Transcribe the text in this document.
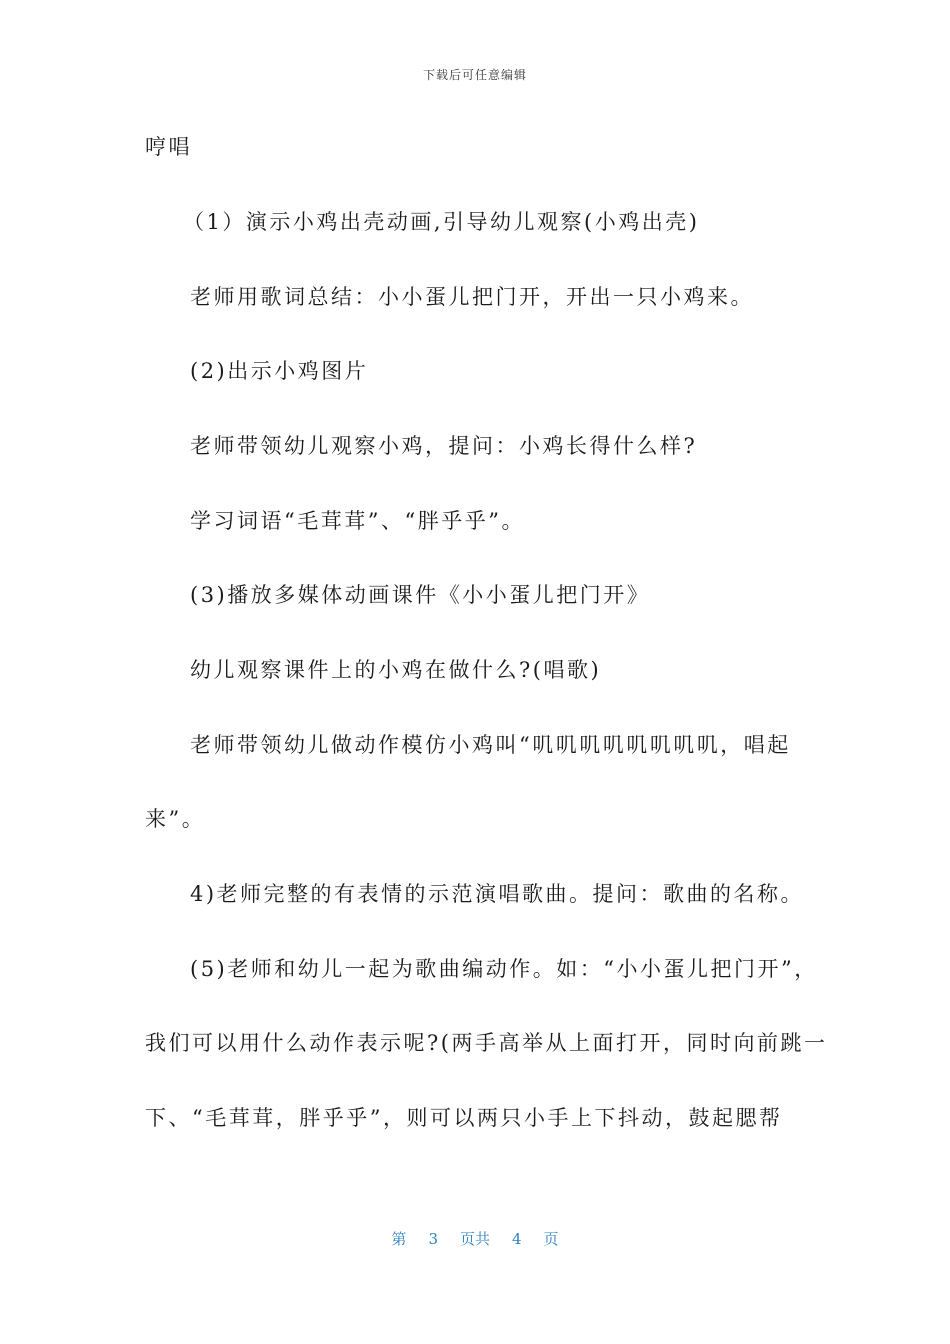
下载后可任意编辑
哼唱
（1）演示小鸡出壳动画,引导幼儿观察(小鸡出壳)
老师用歌词总结：小小蛋儿把门开，开出一只小鸡来。
(2)出示小鸡图片
老师带领幼儿观察小鸡，提问：小鸡长得什么样?
学习词语“毛茸茸”、“胖乎乎”。
(3)播放多媒体动画课件《小小蛋儿把门开》
幼儿观察课件上的小鸡在做什么?(唱歌)
老师带领幼儿做动作模仿小鸡叫“叽叽叽叽叽叽叽叽，唱起
来”。
4)老师完整的有表情的示范演唱歌曲。提问：歌曲的名称。
(5)老师和幼儿一起为歌曲编动作。如：“小小蛋儿把门开”，
我们可以用什么动作表示呢?(两手高举从上面打开，同时向前跳一
下、“毛茸茸，胖乎乎”，则可以两只小手上下抖动，鼓起腮帮
第 3 页共 4 页
